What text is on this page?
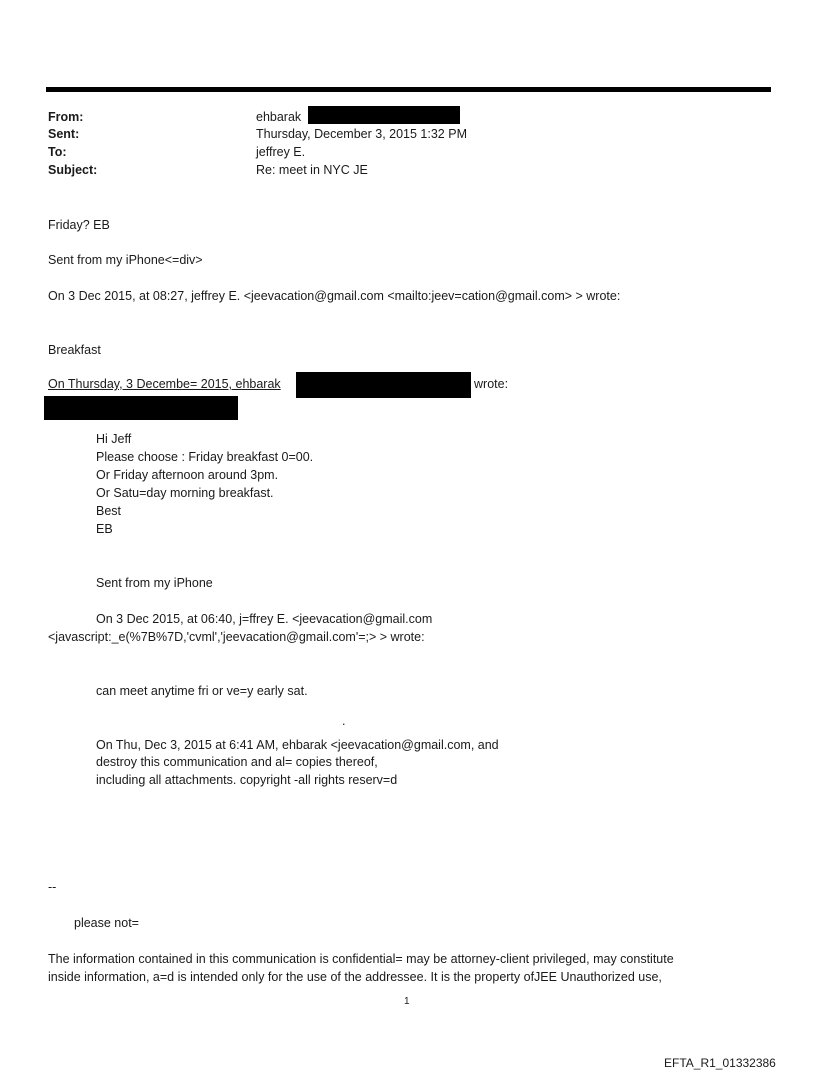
From:	ehbarak
Sent:	Thursday, December 3, 2015 1:32 PM
To:	jeffrey E.
Subject:	Re: meet in NYC JE
Friday? EB
Sent from my iPhone<=div>
On 3 Dec 2015, at 08:27, jeffrey E. <jeevacation@gmail.com <mailto:jeev=cation@gmail.com> > wrote:
Breakfast
On Thursday, 3 Decembe= 2015, ehbarak	wrote:
Hi Jeff
Please choose : Friday breakfast 0=00.
Or Friday afternoon around 3pm.
Or Satu=day morning breakfast.
Best
EB
Sent from my iPhone
On 3 Dec 2015, at 06:40, j=ffrey E. <jeevacation@gmail.com
<javascript:_e(%7B%7D,'cvml','jeevacation@gmail.com'=;> > wrote:
can meet anytime fri or ve=y early sat.
.
On Thu, Dec 3, 2015 at 6:41 AM, ehbarak <jeevacation@gmail.com, and
destroy this communication and al= copies thereof,
including all attachments. copyright -all rights reserv=d
--
please not=
The information contained in this communication is confidential= may be attorney-client privileged, may constitute
inside information, a=d is intended only for the use of the addressee. It is the property ofJEE Unauthorized use,
1
EFTA_R1_01332386
